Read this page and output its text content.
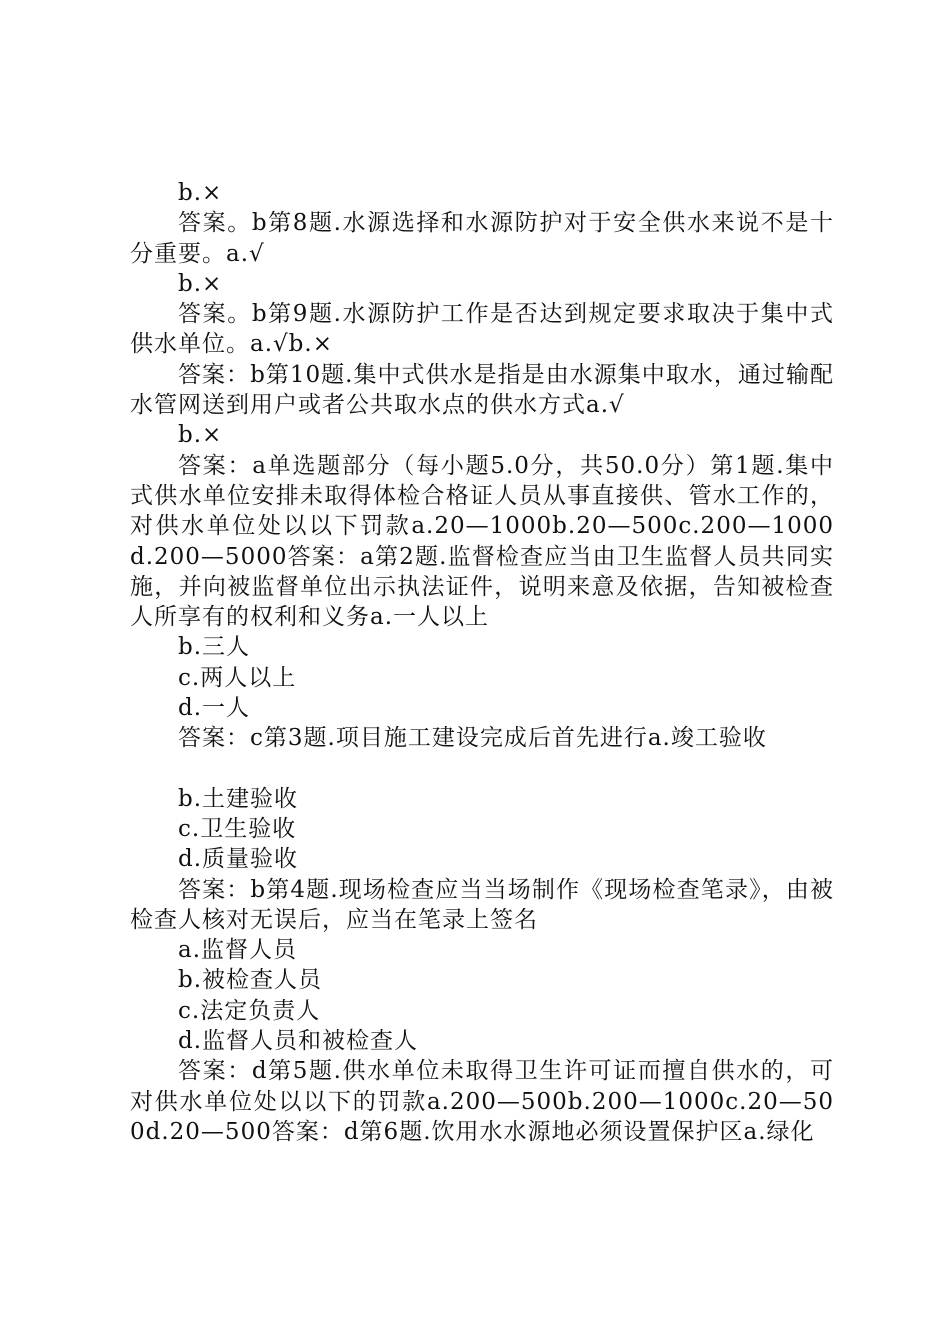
b.×

答案。b第8题.水源选择和水源防护对于安全供水来说不是十分重要。a.√

b.×

答案。b第9题.水源防护工作是否达到规定要求取决于集中式供水单位。a.√b.×

答案：b第10题.集中式供水是指是由水源集中取水，通过输配水管网送到用户或者公共取水点的供水方式a.√

b.×

答案：a单选题部分（每小题5.0分，共50.0分）第1题.集中式供水单位安排未取得体检合格证人员从事直接供、管水工作的，对供水单位处以以下罚款a.20—1000b.20—500c.200—1000d.200—5000答案：a第2题.监督检查应当由卫生监督人员共同实施，并向被监督单位出示执法证件，说明来意及依据，告知被检查人所享有的权利和义务a.一人以上

b.三人

c.两人以上

d.一人

答案：c第3题.项目施工建设完成后首先进行a.竣工验收

b.土建验收

c.卫生验收

d.质量验收

答案：b第4题.现场检查应当当场制作《现场检查笔录》，由被检查人核对无误后，应当在笔录上签名

a.监督人员

b.被检查人员

c.法定负责人

d.监督人员和被检查人

答案：d第5题.供水单位未取得卫生许可证而擅自供水的，可对供水单位处以以下的罚款a.200—500b.200—1000c.20—500d.20—500答案：d第6题.饮用水水源地必须设置保护区a.绿化
